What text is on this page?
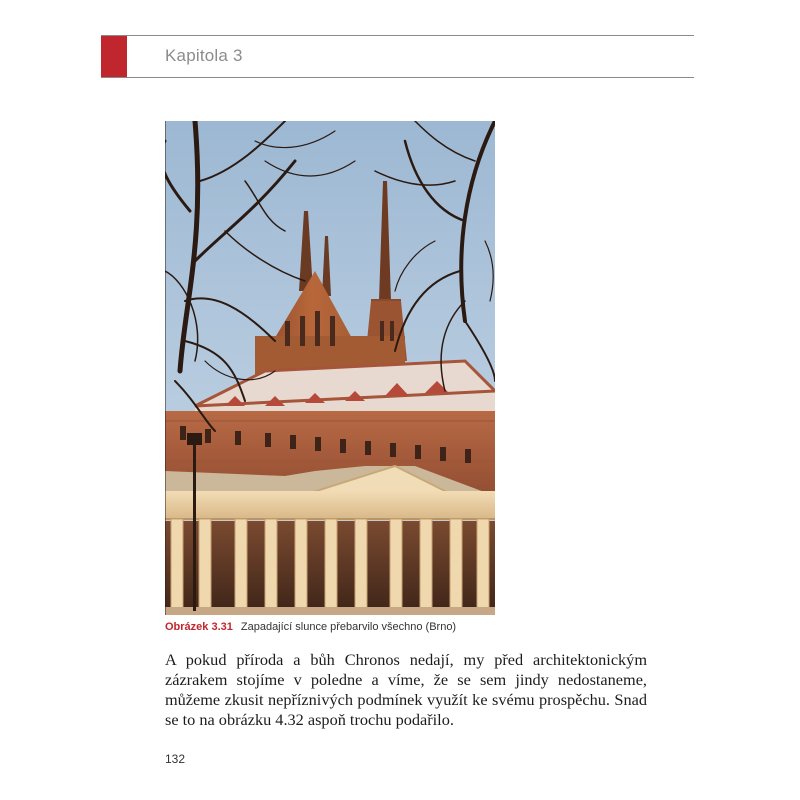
Kapitola 3
Obrázek 3.31 Zapadající slunce přebarvilo všechno (Brno)
A pokud příroda a bůh Chronos nedají, my před architektonickým zázrakem stojíme v poledne a víme, že se sem jindy nedostaneme, můžeme zkusit nepříznivých podmínek využít ke svému prospěchu. Snad se to na obrázku 4.32 aspoň trochu podařilo.
132
